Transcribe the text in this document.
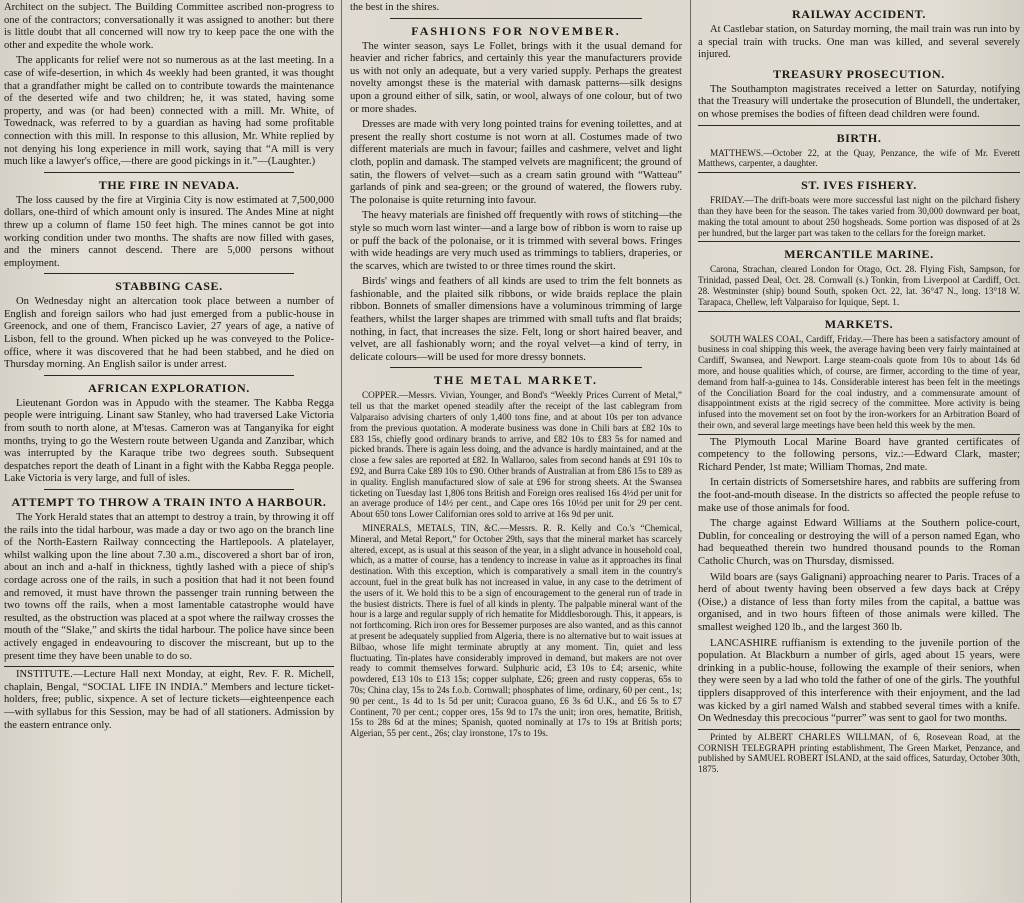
Architect on the subject. The Building Committee ascribed non-progress to one of the contractors; conversationally it was assigned to another: but there is little doubt that all concerned will now try to keep pace the one with the other and expedite the whole work.

The applicants for relief were not so numerous as at the last meeting. In a case of wife-desertion, in which 4s weekly had been granted, it was thought that a grandfather might be called on to contribute towards the maintenance of the deserted wife and two children; he, it was stated, having some property, and was (or had been) connected with a mill. Mr. White, of Towednack, was referred to by a guardian as having had some profitable connection with this mill. In response to this allusion, Mr. White replied by not denying his long experience in mill work, saying that “A mill is very much like a lawyer's office,—there are good pickings in it.”—(Laughter.)

THE FIRE IN NEVADA.

The loss caused by the fire at Virginia City is now estimated at 7,500,000 dollars, one-third of which amount only is insured. The Andes Mine at night threw up a column of flame 150 feet high. The mines cannot be got into working condition under two months. The shafts are now filled with gases, and the miners cannot descend. There are 5,000 persons without employment.

STABBING CASE.

On Wednesday night an altercation took place between a number of English and foreign sailors who had just emerged from a public-house in Greenock, and one of them, Francisco Lavier, 27 years of age, a native of Lisbon, fell to the ground. When picked up he was conveyed to the Police-office, where it was discovered that he had been stabbed, and he died on Thursday morning. An English sailor is under arrest.

AFRICAN EXPLORATION.

Lieutenant Gordon was in Appudo with the steamer. The Kabba Regga people were intriguing. Linant saw Stanley, who had traversed Lake Victoria from south to north alone, at M'tesas. Cameron was at Tanganyika for eight months, trying to go the Western route between Uganda and Zanzibar, which was interrupted by the Karaque tribe two degrees south. Subsequent despatches report the death of Linant in a fight with the Kabba Regga people. Lake Victoria is very large, and full of isles.

ATTEMPT TO THROW A TRAIN INTO A HARBOUR.

The York Herald states that an attempt to destroy a train, by throwing it off the rails into the tidal harbour, was made a day or two ago on the branch line of the North-Eastern Railway conncecting the Hartlepools. A platelayer, whilst walking upon the line about 7.30 a.m., discovered a short bar of iron, about an inch and a-half in thickness, tightly lashed with a piece of ship's cordage across one of the rails, in such a position that had it not been found and removed, it must have thrown the passenger train running between the two towns off the rails, when a most lamentable catastrophe would have resulted, as the obstruction was placed at a spot where the railway crosses the mouth of the “Slake,” and skirts the tidal harbour. The police have since been actively engaged in endeavouring to discover the miscreant, but up to the present time they have been unable to do so.

INSTITUTE.—Lecture Hall next Monday, at eight, Rev. F. R. Michell, chaplain, Bengal, “SOCIAL LIFE IN INDIA.” Members and lecture ticket-holders, free; public, sixpence. A set of lecture tickets—eighteenpence each—with syllabus for this Session, may be had of all stationers. Admission by the eastern entrance only.

the best in the shires.

FASHIONS FOR NOVEMBER.

The winter season, says Le Follet, brings with it the usual demand for heavier and richer fabrics, and certainly this year the manufacturers provide us with not only an adequate, but a very varied supply. Perhaps the greatest novelty amongst these is the material with damask patterns—silk designs upon a ground either of silk, satin, or wool, always of one colour, but of two or more shades.

Dresses are made with very long pointed trains for evening toilettes, and at present the really short costume is not worn at all. Costumes made of two different materials are much in favour; failles and cashmere, velvet and light cloth, poplin and damask. The stamped velvets are magnificent; the ground of satin, the flowers of velvet—such as a cream satin ground with “Watteau” garlands of pink and sea-green; or the ground of watered, the flowers ruby. The polonaise is quite returning into favour.

The heavy materials are finished off frequently with rows of stitching—the style so much worn last winter—and a large bow of ribbon is worn to raise up or puff the back of the polonaise, or it is trimmed with several bows. Fringes with wide headings are very much used as trimmings to tabliers, draperies, or the scarves, which are twisted to or three times round the skirt.

Birds' wings and feathers of all kinds are used to trim the felt bonnets as fashionable, and the plaited silk ribbons, or wide braids replace the plain ribbon. Bonnets of smaller dimensions have a voluminous trimming of large feathers, whilst the larger shapes are trimmed with small tufts and flat braids; nothing, in fact, that increases the size. Felt, long or short haired beaver, and velvet, are all fashionably worn; and the royal velvet—a kind of terry, in delicate colours—will be used for more dressy bonnets.

THE METAL MARKET.

COPPER.—Messrs. Vivian, Younger, and Bond's “Weekly Prices Current of Metal,” tell us that the market opened steadily after the receipt of the last cablegram from Valparaiso advising charters of only 1,400 tons fine, and at about 10s per ton advance from the previous quotation. A moderate business was done in Chili bars at £82 10s to £83 15s, chiefly good ordinary brands to arrive, and £82 10s to £83 5s for named and picked brands. There is again less doing, and the advance is hardly maintained, and at the close a few sales are reported at £82. In Wallaroo, sales from second hands at £91 10s to £92, and Burra Cake £89 10s to £90. Other brands of Australian at from £86 15s to £89 as in quality. English manufactured slow of sale at £96 for strong sheets. At the Swansea ticketing on Tuesday last 1,806 tons British and Foreign ores realised 16s 4½d per unit for an average produce of 14½ per cent., and Cape ores 16s 10½d per unit for 29 per cent. About 650 tons Lower Californian ores sold to arrive at 16s 9d per unit.

MINERALS, METALS, TIN, &C.—Messrs. R. R. Kelly and Co.'s “Chemical, Mineral, and Metal Report,” for October 29th, says that the mineral market has scarcely altered, except, as is usual at this season of the year, in a slight advance in household coal, which, as a matter of course, has a tendency to increase in value as it approaches its final destination. With this exception, which is comparatively a small item in the country's account, fuel in the great bulk has not increased in value, in any case to the detriment of the users of it. We hold this to be a sign of encouragement to the general run of trade in the busiest districts. There is fuel of all kinds in plenty. The palpable mineral want of the hour is a large and regular supply of rich hematite for Middlesborough. This, it appears, is not forthcoming. Rich iron ores for Bessemer purposes are also wanted, and as this cannot at present be adequately supplied from Algeria, there is no alternative but to wait issues at Bilbao, whose life might terminate abruptly at any moment. Tin, quiet and less fluctuating. Tin-plates have considerably improved in demand, but makers are not over ready to commit themselves forward. Sulphuric acid, £3 10s to £4; arsenic, white powdered, £13 10s to £13 15s; copper sulphate, £26; green and rusty copperas, 65s to 70s; China clay, 15s to 24s f.o.b. Cornwall; phosphates of lime, ordinary, 60 per cent., 1s; 90 per cent., 1s 4d to 1s 5d per unit; Curacoa guano, £6 3s 6d U.K., and £6 5s to £7 Continent, 70 per cent.; copper ores, 15s 9d to 17s the unit; iron ores, hematite, British, 15s to 28s 6d at the mines; Spanish, quoted nominally at 17s to 19s at British ports; Algerian, 55 per cent., 26s; clay ironstone, 17s to 19s.

RAILWAY ACCIDENT.

At Castlebar station, on Saturday morning, the mail train was run into by a special train with trucks. One man was killed, and several severely injured.

TREASURY PROSECUTION.

The Southampton magistrates received a letter on Saturday, notifying that the Treasury will undertake the prosecution of Blundell, the undertaker, on whose premises the bodies of fifteen dead children were found.

BIRTH.

MATTHEWS.—October 22, at the Quay, Penzance, the wife of Mr. Everett Matthews, carpenter, a daughter.

ST. IVES FISHERY.

FRIDAY.—The drift-boats were more successful last night on the pilchard fishery than they have been for the season. The takes varied from 30,000 downward per boat, making the total amount to about 250 hogsheads. Some portion was disposed of at 2s per hundred, but the larger part was taken to the cellars for the foreign market.

MERCANTILE MARINE.

Carona, Strachan, cleared London for Otago, Oct. 28. Flying Fish, Sampson, for Trinidad, passed Deal, Oct. 28. Cornwall (s.) Tonkin, from Liverpool at Cardiff, Oct. 28. Westminster (ship) bound South, spoken Oct. 22, lat. 36°47 N., long. 13°18 W. Tarapaca, Chellew, left Valparaiso for Iquique, Sept. 1.

MARKETS.

SOUTH WALES COAL, Cardiff, Friday.—There has been a satisfactory amount of business in coal shipping this week, the average having been very fairly maintained at Cardiff, Swansea, and Newport. Large steam-coals quote from 10s to about 14s 6d more, and house qualities which, of course, are firmer, according to the time of year, demand from half-a-guinea to 14s. Considerable interest has been felt in the meetings of the Conciliation Board for the coal industry, and a commensurate amount of disappointment exists at the rigid secrecy of the committee. More activity is being infused into the movement set on foot by the iron-workers for an Arbitration Board of their own, and several large meetings have been held this week by the men.

The Plymouth Local Marine Board have granted certificates of competency to the following persons, viz.:—Edward Clark, master; Richard Pender, 1st mate; William Thomas, 2nd mate.

In certain districts of Somersetshire hares, and rabbits are suffering from the foot-and-mouth disease. In the districts so affected the people refuse to make use of those animals for food.

The charge against Edward Williams at the Southern police-court, Dublin, for concealing or destroying the will of a person named Egan, who had bequeathed therein two hundred thousand pounds to the Roman Catholic Church, was on Thursday, dismissed.

Wild boars are (says Galignani) approaching nearer to Paris. Traces of a herd of about twenty having been observed a few days back at Crépy (Oise,) a distance of less than forty miles from the capital, a battue was organised, and in two hours fifteen of those animals were killed. The smallest weighed 120 lb., and the largest 360 lb.

LANCASHIRE ruffianism is extending to the juvenile portion of the population. At Blackburn a number of girls, aged about 15 years, were drinking in a public-house, following the example of their seniors, when they were seen by a lad who told the father of one of the girls. The youthful tipplers disapproved of this interference with their enjoyment, and the lad was kicked by a girl named Walsh and stabbed several times with a knife. On Wednesday this precocious “purrer” was sent to gaol for two months.

Printed by ALBERT CHARLES WILLMAN, of 6, Rosevean Road, at the CORNISH TELEGRAPH printing establishment, The Green Market, Penzance, and published by SAMUEL ROBERT ISLAND, at the said offices, Saturday, October 30th, 1875.
